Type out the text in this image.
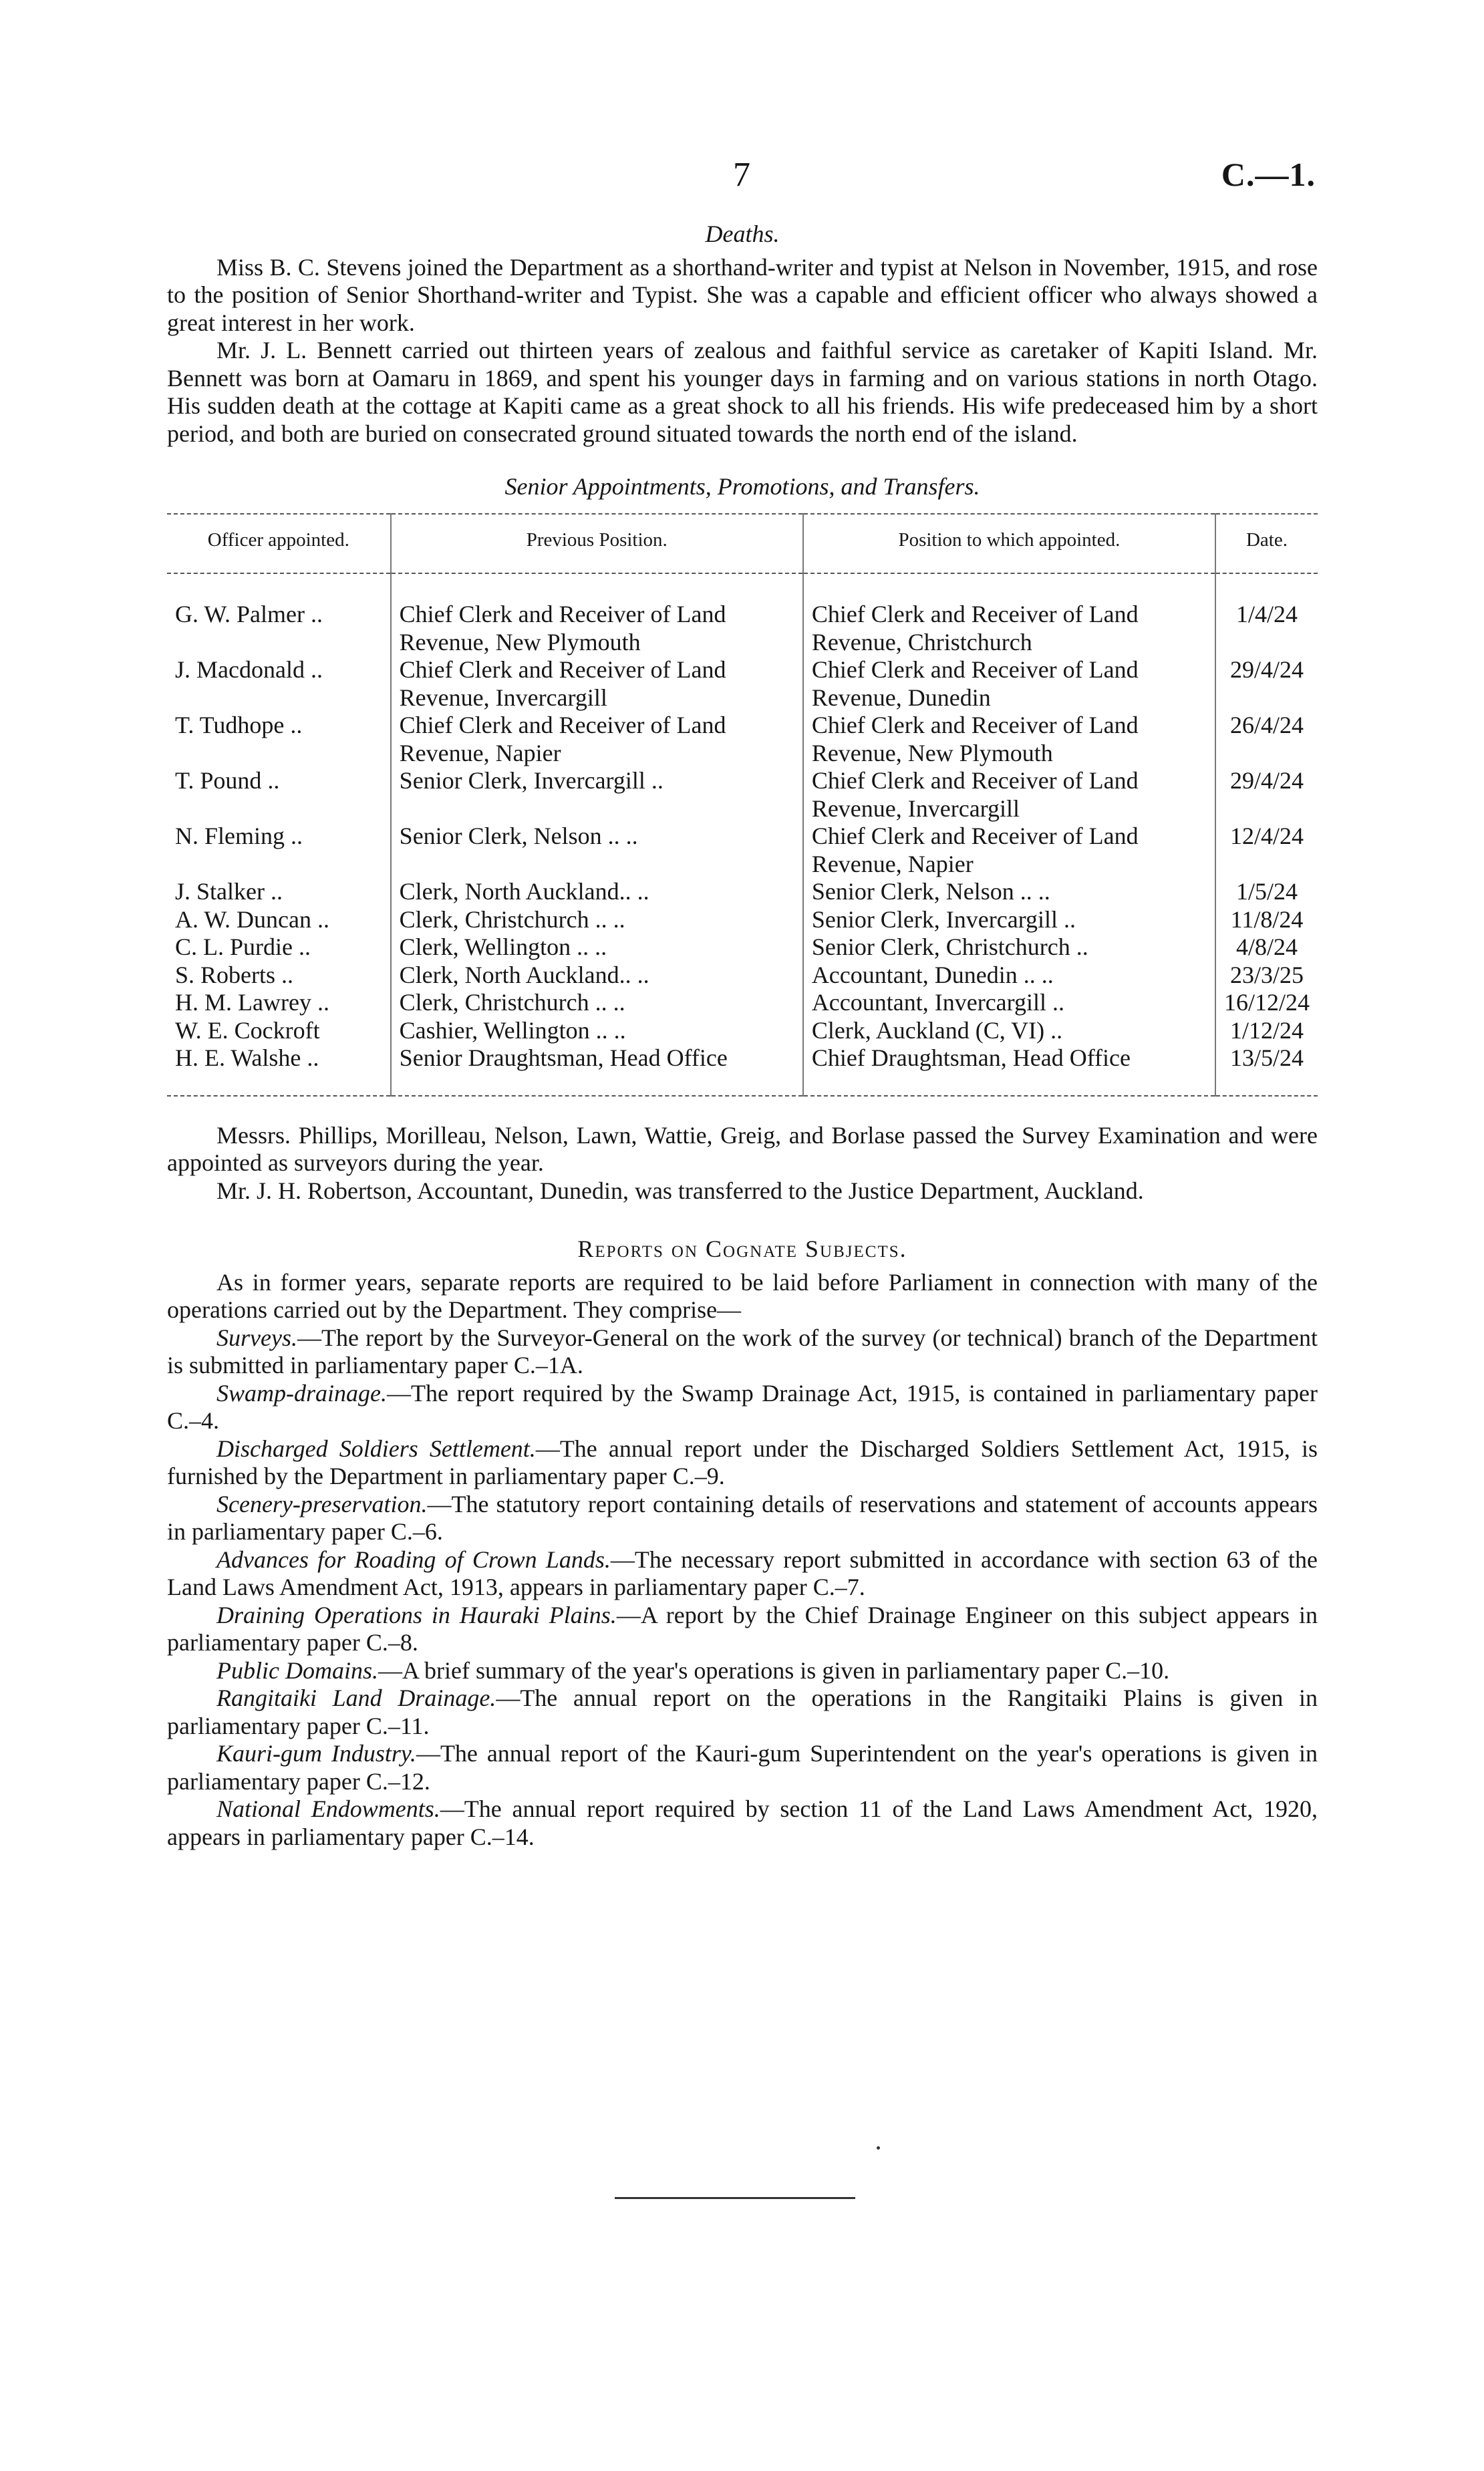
7	C.—1.
Deaths.

Miss B. C. Stevens joined the Department as a shorthand-writer and typist at Nelson in November, 1915, and rose to the position of Senior Shorthand-writer and Typist. She was a capable and efficient officer who always showed a great interest in her work.

Mr. J. L. Bennett carried out thirteen years of zealous and faithful service as caretaker of Kapiti Island. Mr. Bennett was born at Oamaru in 1869, and spent his younger days in farming and on various stations in north Otago. His sudden death at the cottage at Kapiti came as a great shock to all his friends. His wife predeceased him by a short period, and both are buried on consecrated ground situated towards the north end of the island.

Senior Appointments, Promotions, and Transfers.
Officer appointed.	Previous Position.	Position to which appointed.	Date.
G. W. Palmer ..	Chief Clerk and Receiver of Land Revenue, New Plymouth	Chief Clerk and Receiver of Land Revenue, Christchurch	1/4/24
J. Macdonald ..	Chief Clerk and Receiver of Land Revenue, Invercargill	Chief Clerk and Receiver of Land Revenue, Dunedin	29/4/24
T. Tudhope ..	Chief Clerk and Receiver of Land Revenue, Napier	Chief Clerk and Receiver of Land Revenue, New Plymouth	26/4/24
T. Pound ..	Senior Clerk, Invercargill ..	Chief Clerk and Receiver of Land Revenue, Invercargill	29/4/24
N. Fleming ..	Senior Clerk, Nelson .. ..	Chief Clerk and Receiver of Land Revenue, Napier	12/4/24
J. Stalker ..	Clerk, North Auckland.. ..	Senior Clerk, Nelson .. ..	1/5/24
A. W. Duncan ..	Clerk, Christchurch .. ..	Senior Clerk, Invercargill ..	11/8/24
C. L. Purdie ..	Clerk, Wellington .. ..	Senior Clerk, Christchurch ..	4/8/24
S. Roberts ..	Clerk, North Auckland.. ..	Accountant, Dunedin .. ..	23/3/25
H. M. Lawrey ..	Clerk, Christchurch .. ..	Accountant, Invercargill ..	16/12/24
W. E. Cockroft	Cashier, Wellington .. ..	Clerk, Auckland (C, VI) ..	1/12/24
H. E. Walshe ..	Senior Draughtsman, Head Office	Chief Draughtsman, Head Office	13/5/24

Messrs. Phillips, Morilleau, Nelson, Lawn, Wattie, Greig, and Borlase passed the Survey Examination and were appointed as surveyors during the year.

Mr. J. H. Robertson, Accountant, Dunedin, was transferred to the Justice Department, Auckland.

Reports on Cognate Subjects.

As in former years, separate reports are required to be laid before Parliament in connection with many of the operations carried out by the Department. They comprise—

Surveys.—The report by the Surveyor-General on the work of the survey (or technical) branch of the Department is submitted in parliamentary paper C.–1A.

Swamp-drainage.—The report required by the Swamp Drainage Act, 1915, is contained in parliamentary paper C.–4.

Discharged Soldiers Settlement.—The annual report under the Discharged Soldiers Settlement Act, 1915, is furnished by the Department in parliamentary paper C.–9.

Scenery-preservation.—The statutory report containing details of reservations and statement of accounts appears in parliamentary paper C.–6.

Advances for Roading of Crown Lands.—The necessary report submitted in accordance with section 63 of the Land Laws Amendment Act, 1913, appears in parliamentary paper C.–7.

Draining Operations in Hauraki Plains.—A report by the Chief Drainage Engineer on this subject appears in parliamentary paper C.–8.

Public Domains.—A brief summary of the year's operations is given in parliamentary paper C.–10.

Rangitaiki Land Drainage.—The annual report on the operations in the Rangitaiki Plains is given in parliamentary paper C.–11.

Kauri-gum Industry.—The annual report of the Kauri-gum Superintendent on the year's operations is given in parliamentary paper C.–12.

National Endowments.—The annual report required by section 11 of the Land Laws Amendment Act, 1920, appears in parliamentary paper C.–14.
